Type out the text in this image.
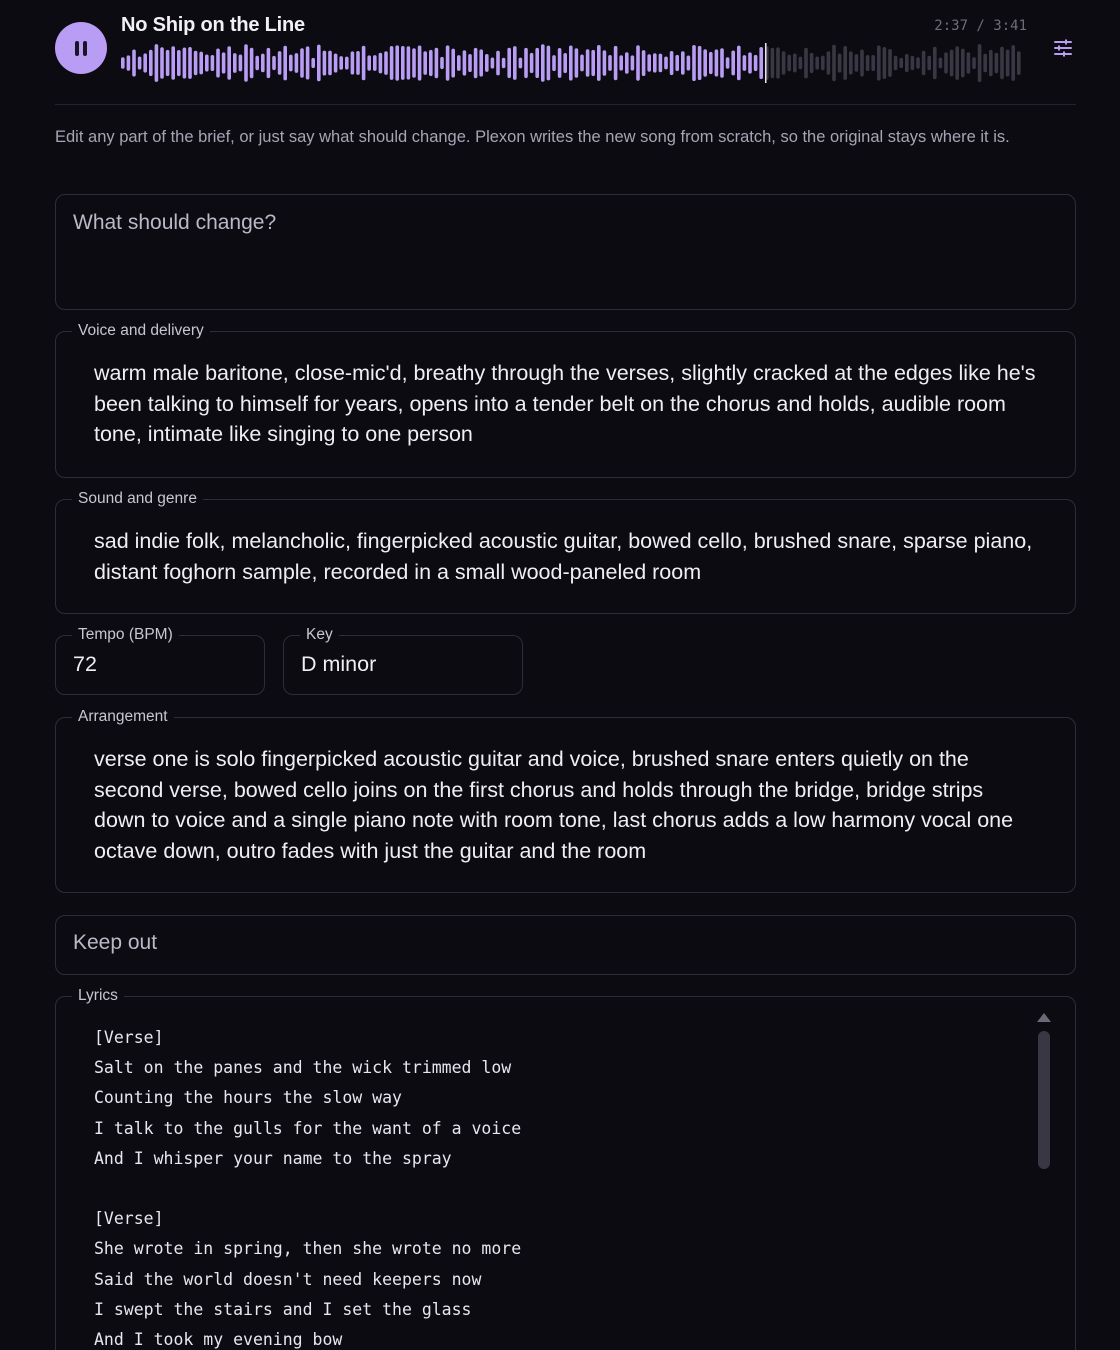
No Ship on the Line	2:37 / 3:41

Edit any part of the brief, or just say what should change. Plexon writes the new song from scratch, so the original stays where it is.

What should change?
Voice and delivery
warm male baritone, close-mic'd, breathy through the verses, slightly cracked at the edges like he's been talking to himself for years, opens into a tender belt on the chorus and holds, audible room tone, intimate like singing to one person
Sound and genre
sad indie folk, melancholic, fingerpicked acoustic guitar, bowed cello, brushed snare, sparse piano, distant foghorn sample, recorded in a small wood-paneled room
Tempo (BPM)
72
Key
D minor
Arrangement
verse one is solo fingerpicked acoustic guitar and voice, brushed snare enters quietly on the second verse, bowed cello joins on the first chorus and holds through the bridge, bridge strips down to voice and a single piano note with room tone, last chorus adds a low harmony vocal one octave down, outro fades with just the guitar and the room
Keep out
Lyrics
[Verse]
Salt on the panes and the wick trimmed low
Counting the hours the slow way
I talk to the gulls for the want of a voice
And I whisper your name to the spray
[Verse]
She wrote in spring, then she wrote no more
Said the world doesn't need keepers now
I swept the stairs and I set the glass
And I took my evening bow
